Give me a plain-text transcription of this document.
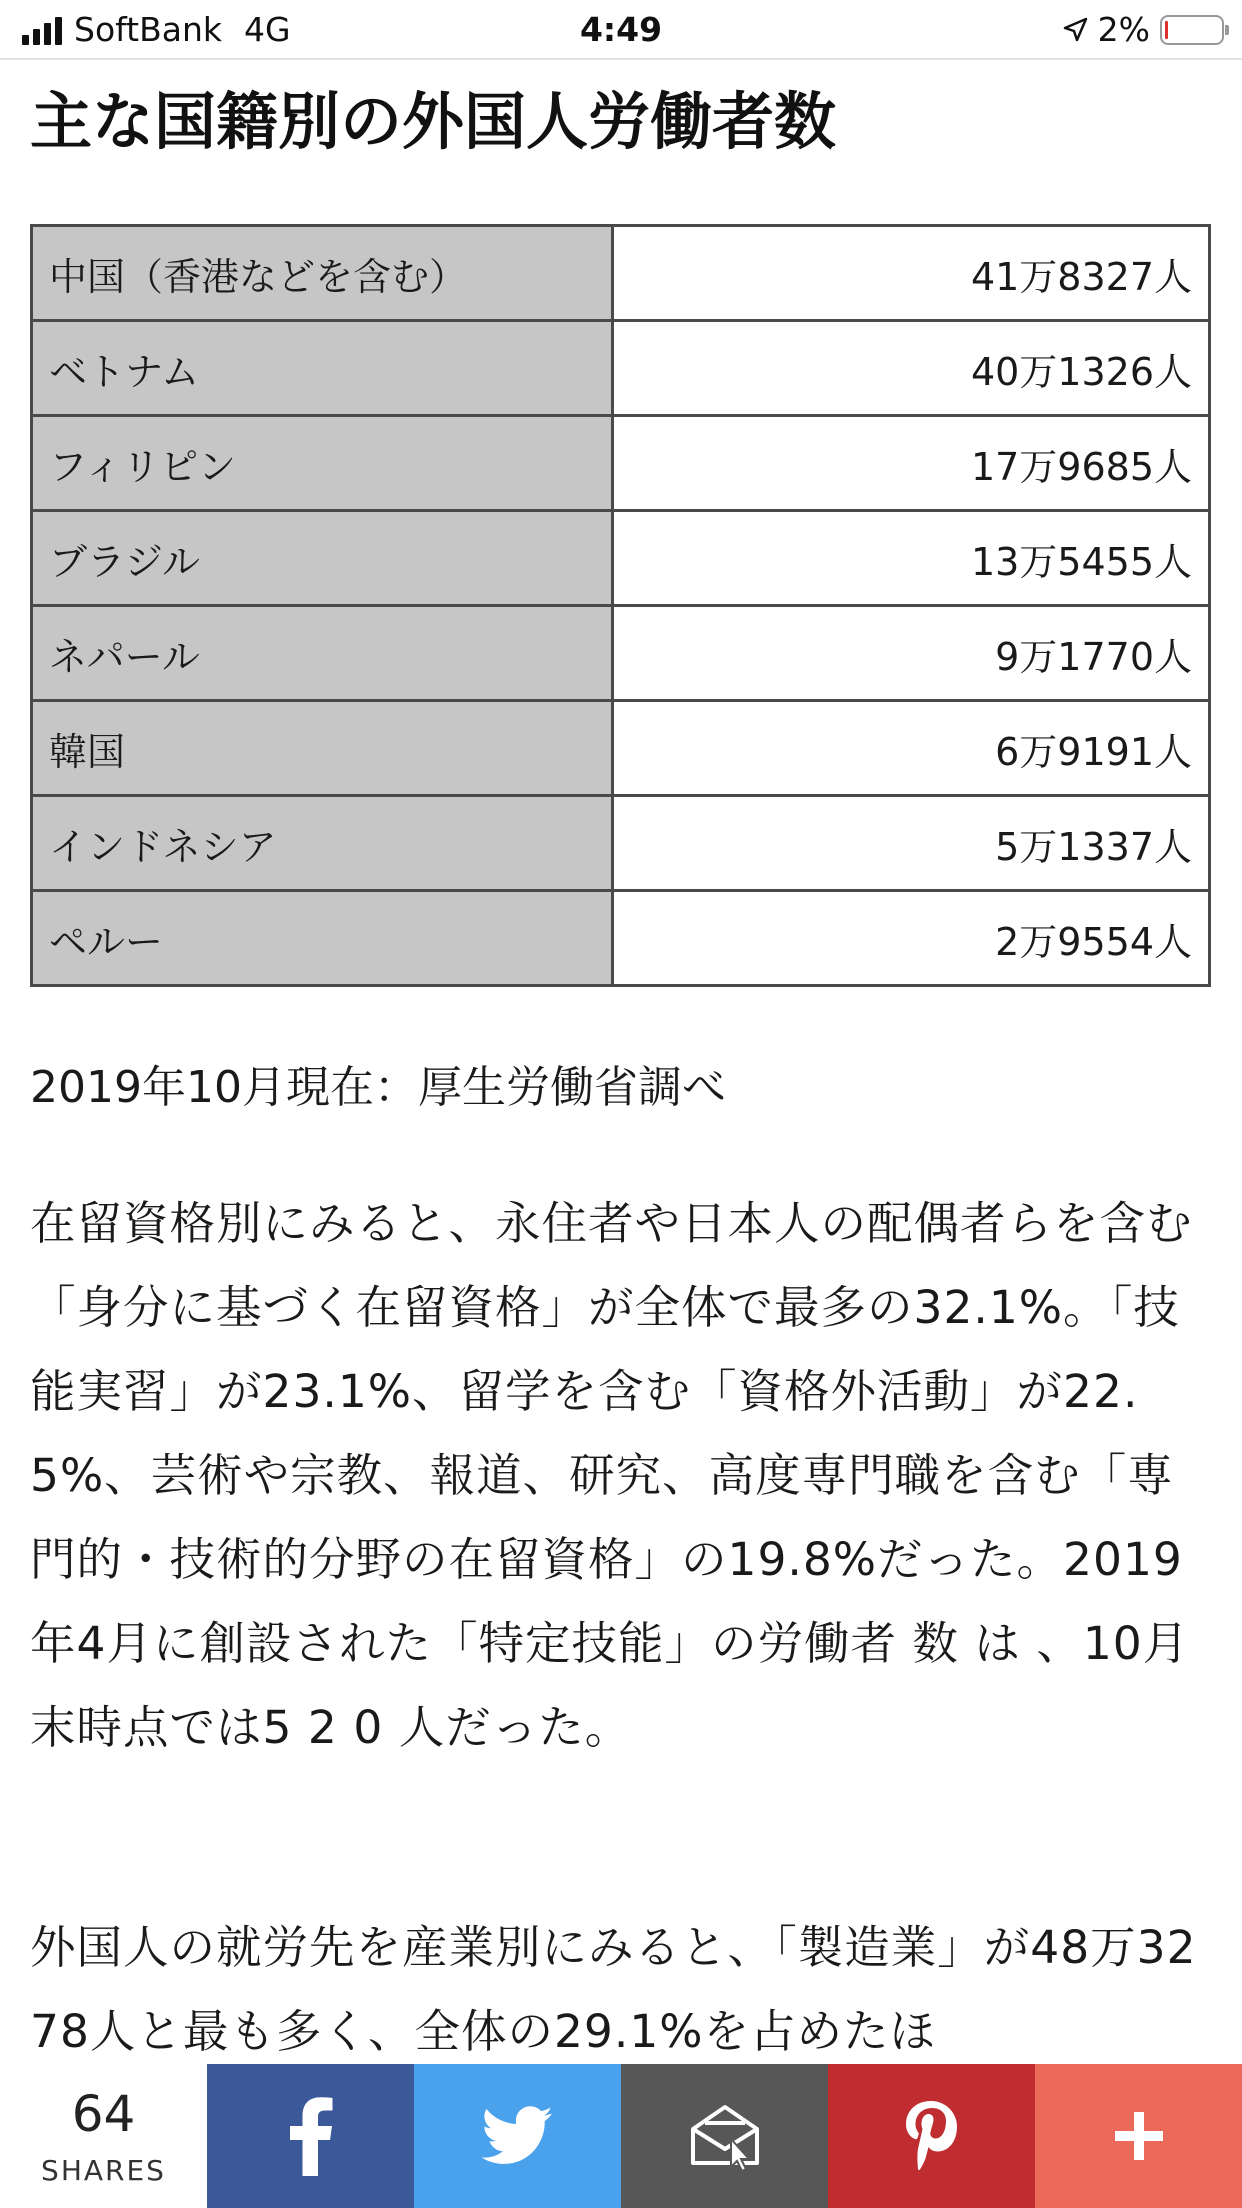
SoftBank 4G	4:49	2%
主な国籍別の外国人労働者数
中国（香港などを含む）	41万8327人
ベトナム	40万1326人
フィリピン	17万9685人
ブラジル	13万5455人
ネパール	9万1770人
韓国	6万9191人
インドネシア	5万1337人
ペルー	2万9554人

2019年10月現在：厚生労働省調べ

在留資格別にみると、永住者や日本人の配偶者らを含む「身分に基づく在留資格」が全体で最多の32.1%。「技能実習」が23.1%、留学を含む「資格外活動」が22.5%、芸術や宗教、報道、研究、高度専門職を含む「専門的・技術的分野の在留資格」の19.8%だった。2019年4月に創設された「特定技能」の労働者 数 は 、10月末時点では5 2 0 人だった。

外国人の就労先を産業別にみると、「製造業」が48万3278人と最も多く、全体の29.1%を占めたほ

64
SHARES
